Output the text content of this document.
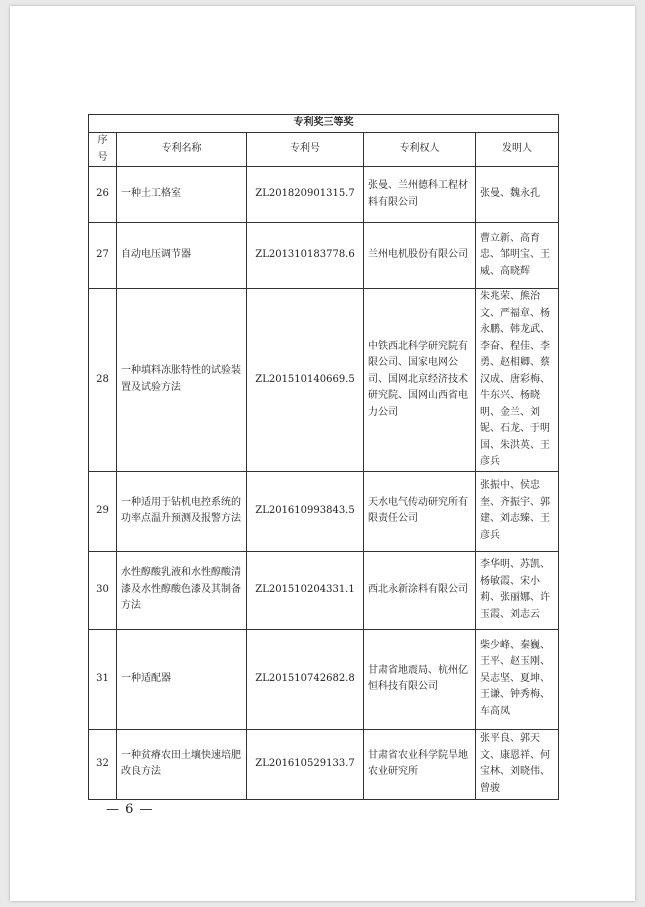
专利奖三等奖				
序号	专利名称	专利号	专利权人	发明人
26	一种土工格室	ZL201820901315.7	张曼、兰州德科工程材料有限公司	张曼、魏永孔
27	自动电压调节器	ZL201310183778.6	兰州电机股份有限公司	曹立新、高育忠、邹明宝、王威、高晓辉
28	一种填料冻胀特性的试验装置及试验方法	ZL201510140669.5	中铁西北科学研究院有限公司、国家电网公司、国网北京经济技术研究院、国网山西省电力公司	朱兆荣、熊治文、严福章、杨永鹏、韩龙武、李奋、程佳、李勇、赵相卿、蔡汉成、唐彩梅、牛东兴、杨晓明、金兰、刘铌、石龙、于明国、朱洪英、王彦兵
29	一种适用于钻机电控系统的功率点温升预测及报警方法	ZL201610993843.5	天水电气传动研究所有限责任公司	张振中、侯忠奎、齐振宇、郭建、刘志臻、王彦兵
30	水性醇酸乳液和水性醇酸清漆及水性醇酸色漆及其制备方法	ZL201510204331.1	西北永新涂料有限公司	李华明、苏凯、杨敏霞、宋小莉、张丽娜、许玉霞、刘志云
31	一种适配器	ZL201510742682.8	甘肃省地震局、杭州亿恒科技有限公司	柴少峰、秦巍、王平、赵玉刚、吴志坚、夏坤、王谦、钟秀梅、车高凤
32	一种贫瘠农田土壤快速培肥改良方法	ZL201610529133.7	甘肃省农业科学院旱地农业研究所	张平良、郭天文、康恩祥、何宝林、刘晓伟、曾骏
— 6 —
